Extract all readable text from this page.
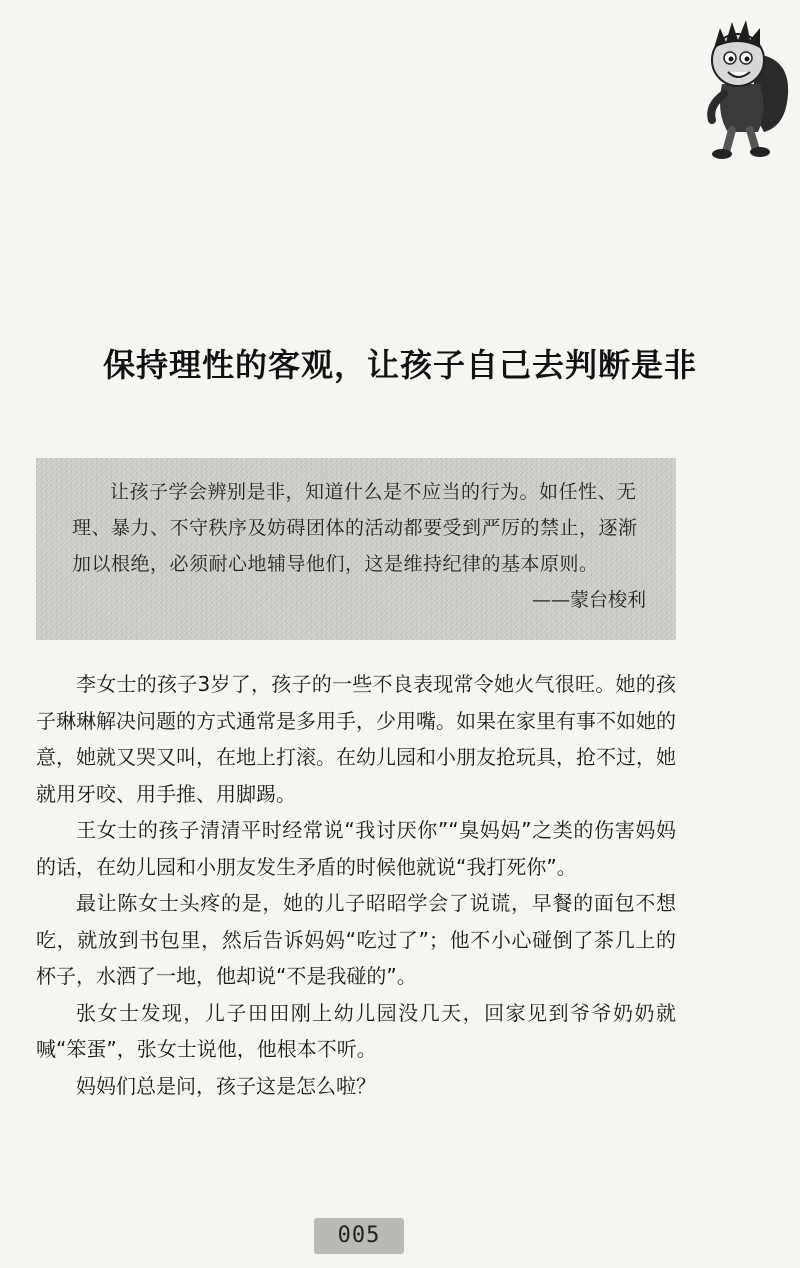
保持理性的客观，让孩子自己去判断是非

让孩子学会辨别是非，知道什么是不应当的行为。如任性、无理、暴力、不守秩序及妨碍团体的活动都要受到严厉的禁止，逐渐加以根绝，必须耐心地辅导他们，这是维持纪律的基本原则。

——蒙台梭利

李女士的孩子3岁了，孩子的一些不良表现常令她火气很旺。她的孩子琳琳解决问题的方式通常是多用手，少用嘴。如果在家里有事不如她的意，她就又哭又叫，在地上打滚。在幼儿园和小朋友抢玩具，抢不过，她就用牙咬、用手推、用脚踢。

王女士的孩子清清平时经常说“我讨厌你”“臭妈妈”之类的伤害妈妈的话，在幼儿园和小朋友发生矛盾的时候他就说“我打死你”。

最让陈女士头疼的是，她的儿子昭昭学会了说谎，早餐的面包不想吃，就放到书包里，然后告诉妈妈“吃过了”；他不小心碰倒了茶几上的杯子，水洒了一地，他却说“不是我碰的”。

张女士发现，儿子田田刚上幼儿园没几天，回家见到爷爷奶奶就喊“笨蛋”，张女士说他，他根本不听。

妈妈们总是问，孩子这是怎么啦？

005
